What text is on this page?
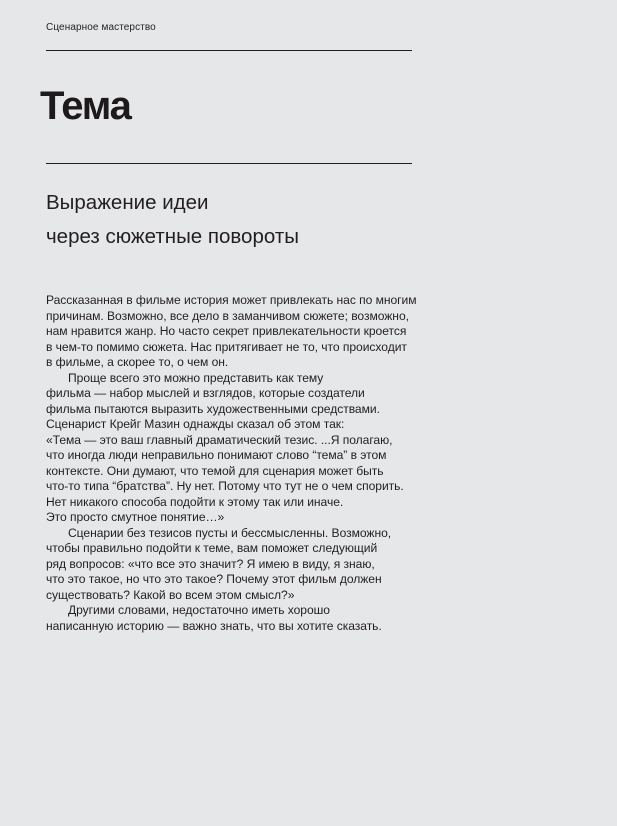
Сценарное мастерство

Тема
Выражение идеи
через сюжетные повороты
Рассказанная в фильме история может привлекать нас по многим
причинам. Возможно, все дело в заманчивом сюжете; возможно,
нам нравится жанр. Но часто секрет привлекательности кроется
в чем-то помимо сюжета. Нас притягивает не то, что происходит
в фильме, а скорее то, о чем он.
Проще всего это можно представить как тему
фильма — набор мыслей и взглядов, которые создатели
фильма пытаются выразить художественными средствами.
Сценарист Крейг Мазин однажды сказал об этом так:
«Тема — это ваш главный драматический тезис. ...Я полагаю,
что иногда люди неправильно понимают слово “тема” в этом
контексте. Они думают, что темой для сценария может быть
что-то типа “братства”. Ну нет. Потому что тут не о чем спорить.
Нет никакого способа подойти к этому так или иначе.
Это просто смутное понятие…»
Сценарии без тезисов пусты и бессмысленны. Возможно,
чтобы правильно подойти к теме, вам поможет следующий
ряд вопросов: «что все это значит? Я имею в виду, я знаю,
что это такое, но что это такое? Почему этот фильм должен
существовать? Какой во всем этом смысл?»
Другими словами, недостаточно иметь хорошо
написанную историю — важно знать, что вы хотите сказать.
